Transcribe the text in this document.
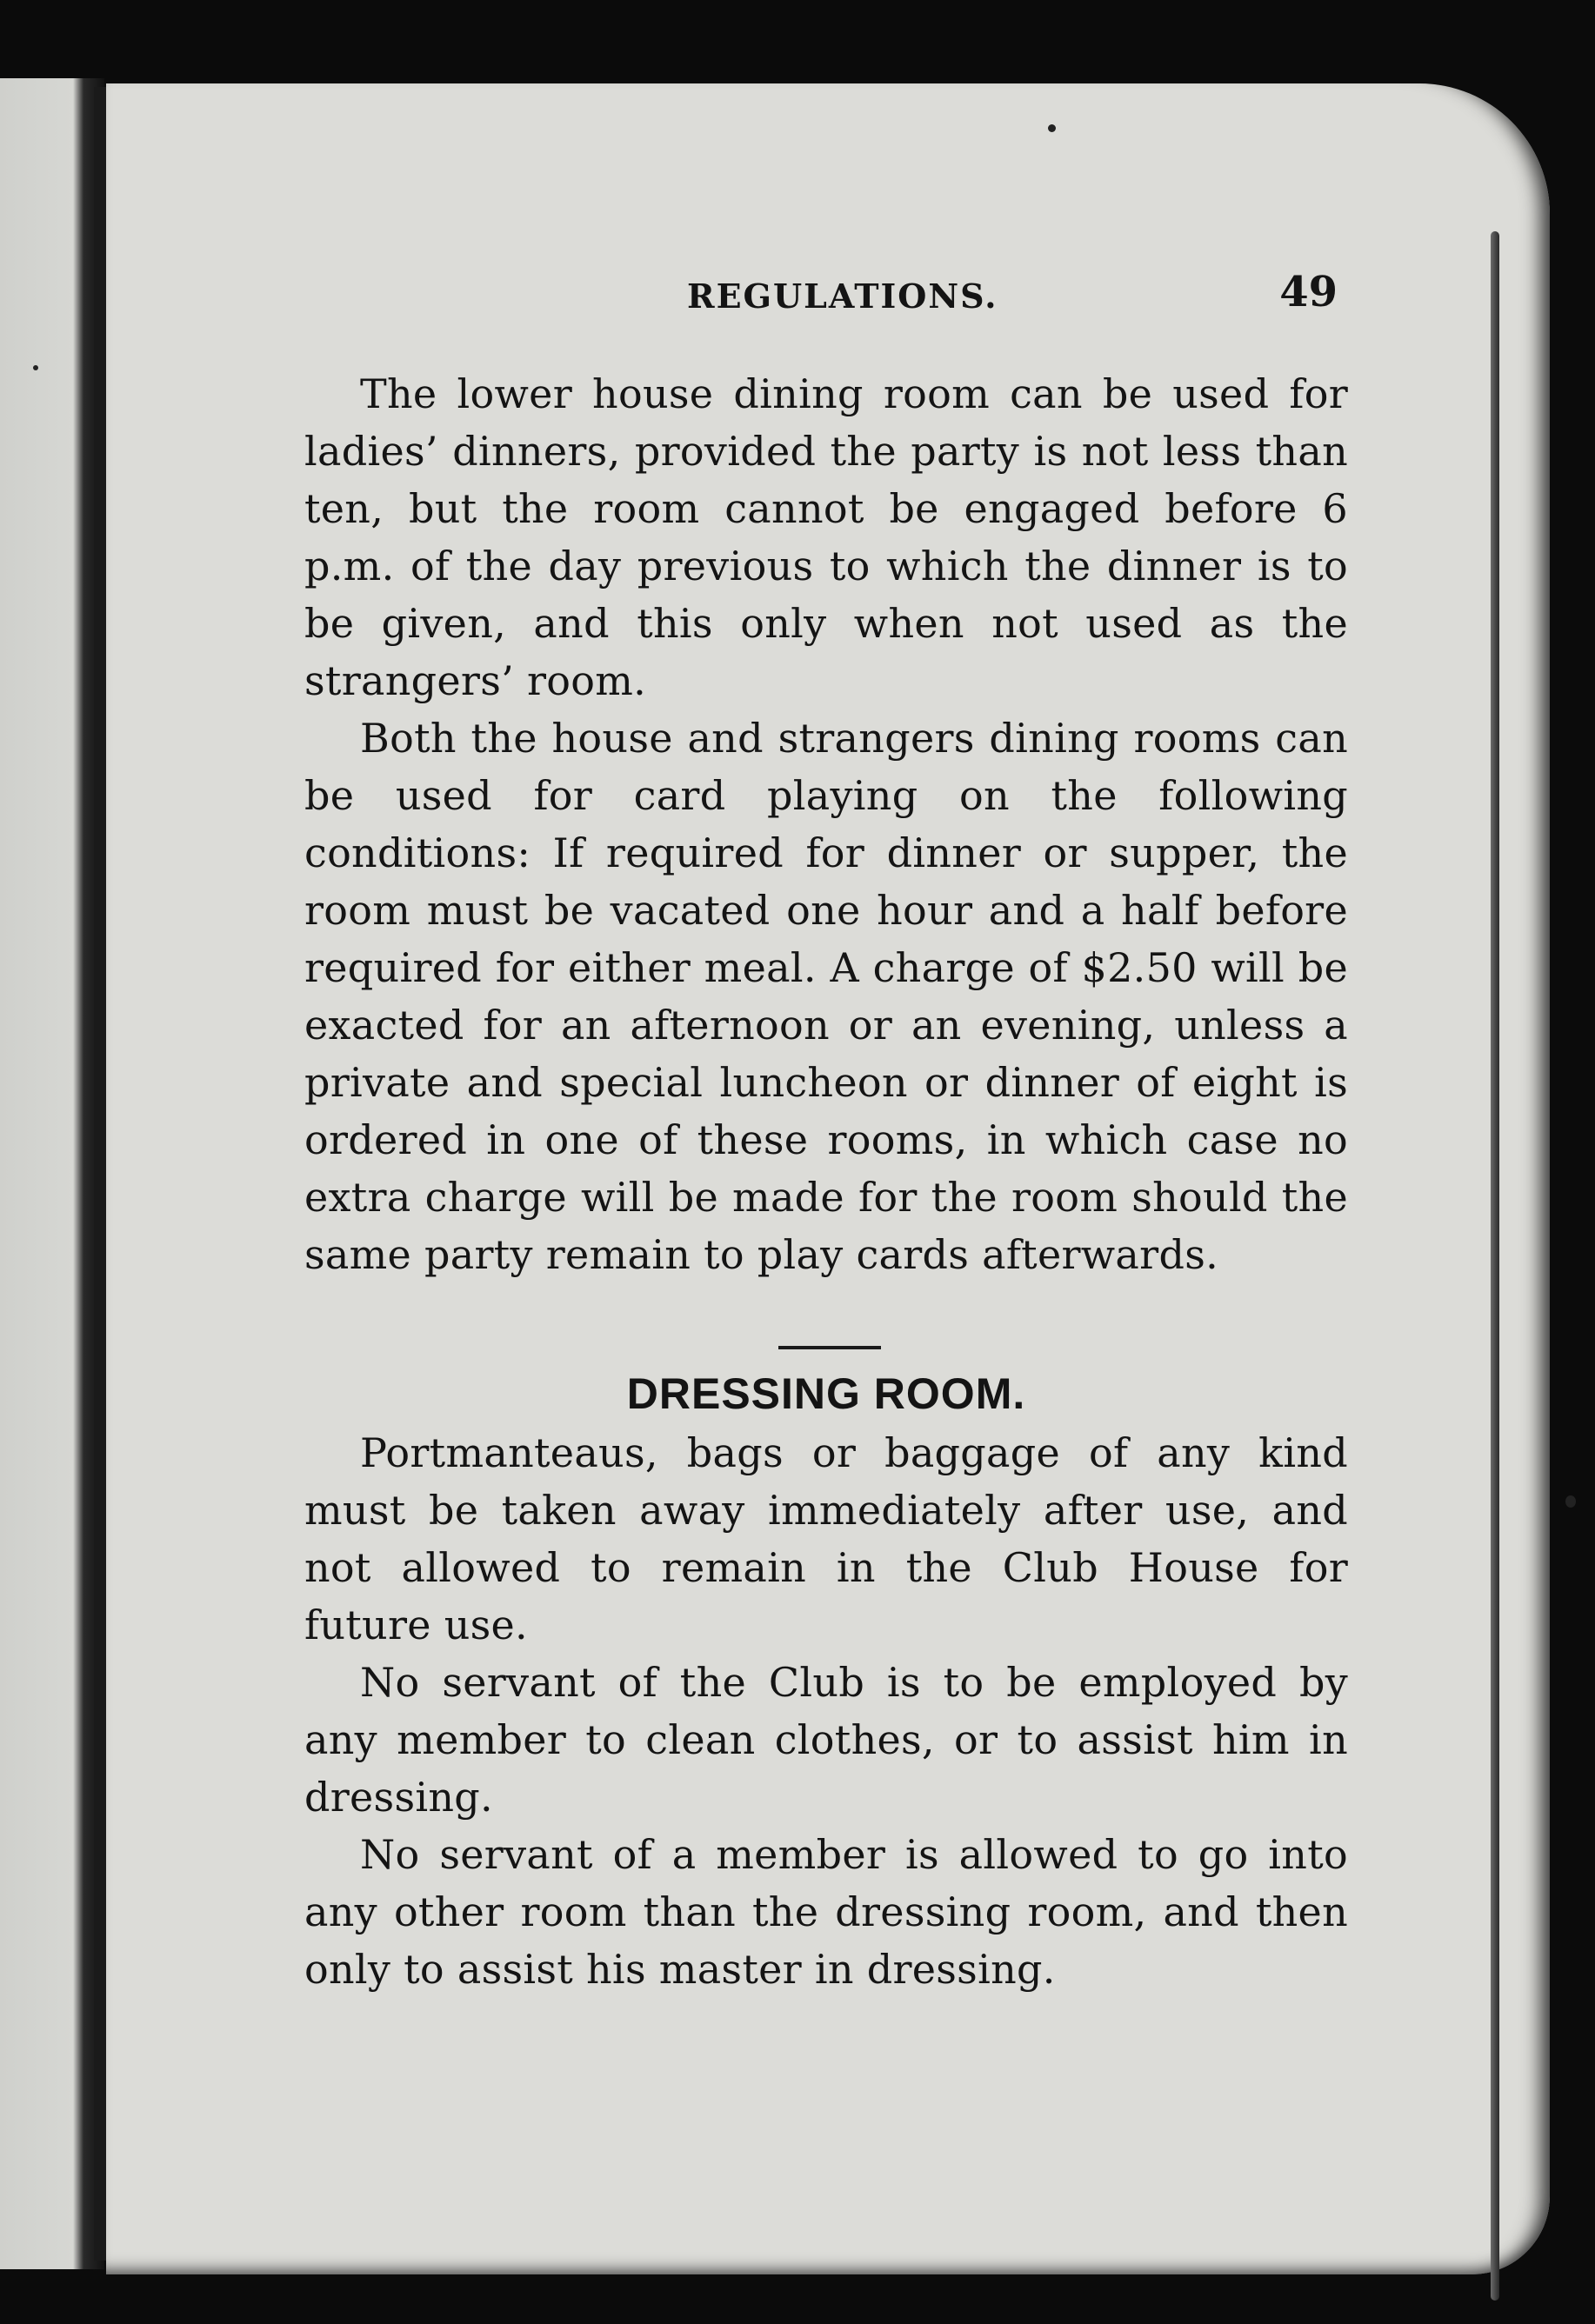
REGULATIONS.	49

The lower house dining room can be used for ladies’ dinners, provided the party is not less than ten, but the room cannot be engaged before 6 p.m. of the day previous to which the dinner is to be given, and this only when not used as the strangers’ room.

Both the house and strangers dining rooms can be used for card playing on the following conditions: If required for dinner or supper, the room must be vacated one hour and a half before required for either meal. A charge of $2.50 will be exacted for an afternoon or an evening, unless a private and special luncheon or dinner of eight is ordered in one of these rooms, in which case no extra charge will be made for the room should the same party remain to play cards afterwards.

DRESSING ROOM.

Portmanteaus, bags or baggage of any kind must be taken away immediately after use, and not allowed to remain in the Club House for future use.

No servant of the Club is to be employed by any member to clean clothes, or to assist him in dressing.

No servant of a member is allowed to go into any other room than the dressing room, and then only to assist his master in dressing.
